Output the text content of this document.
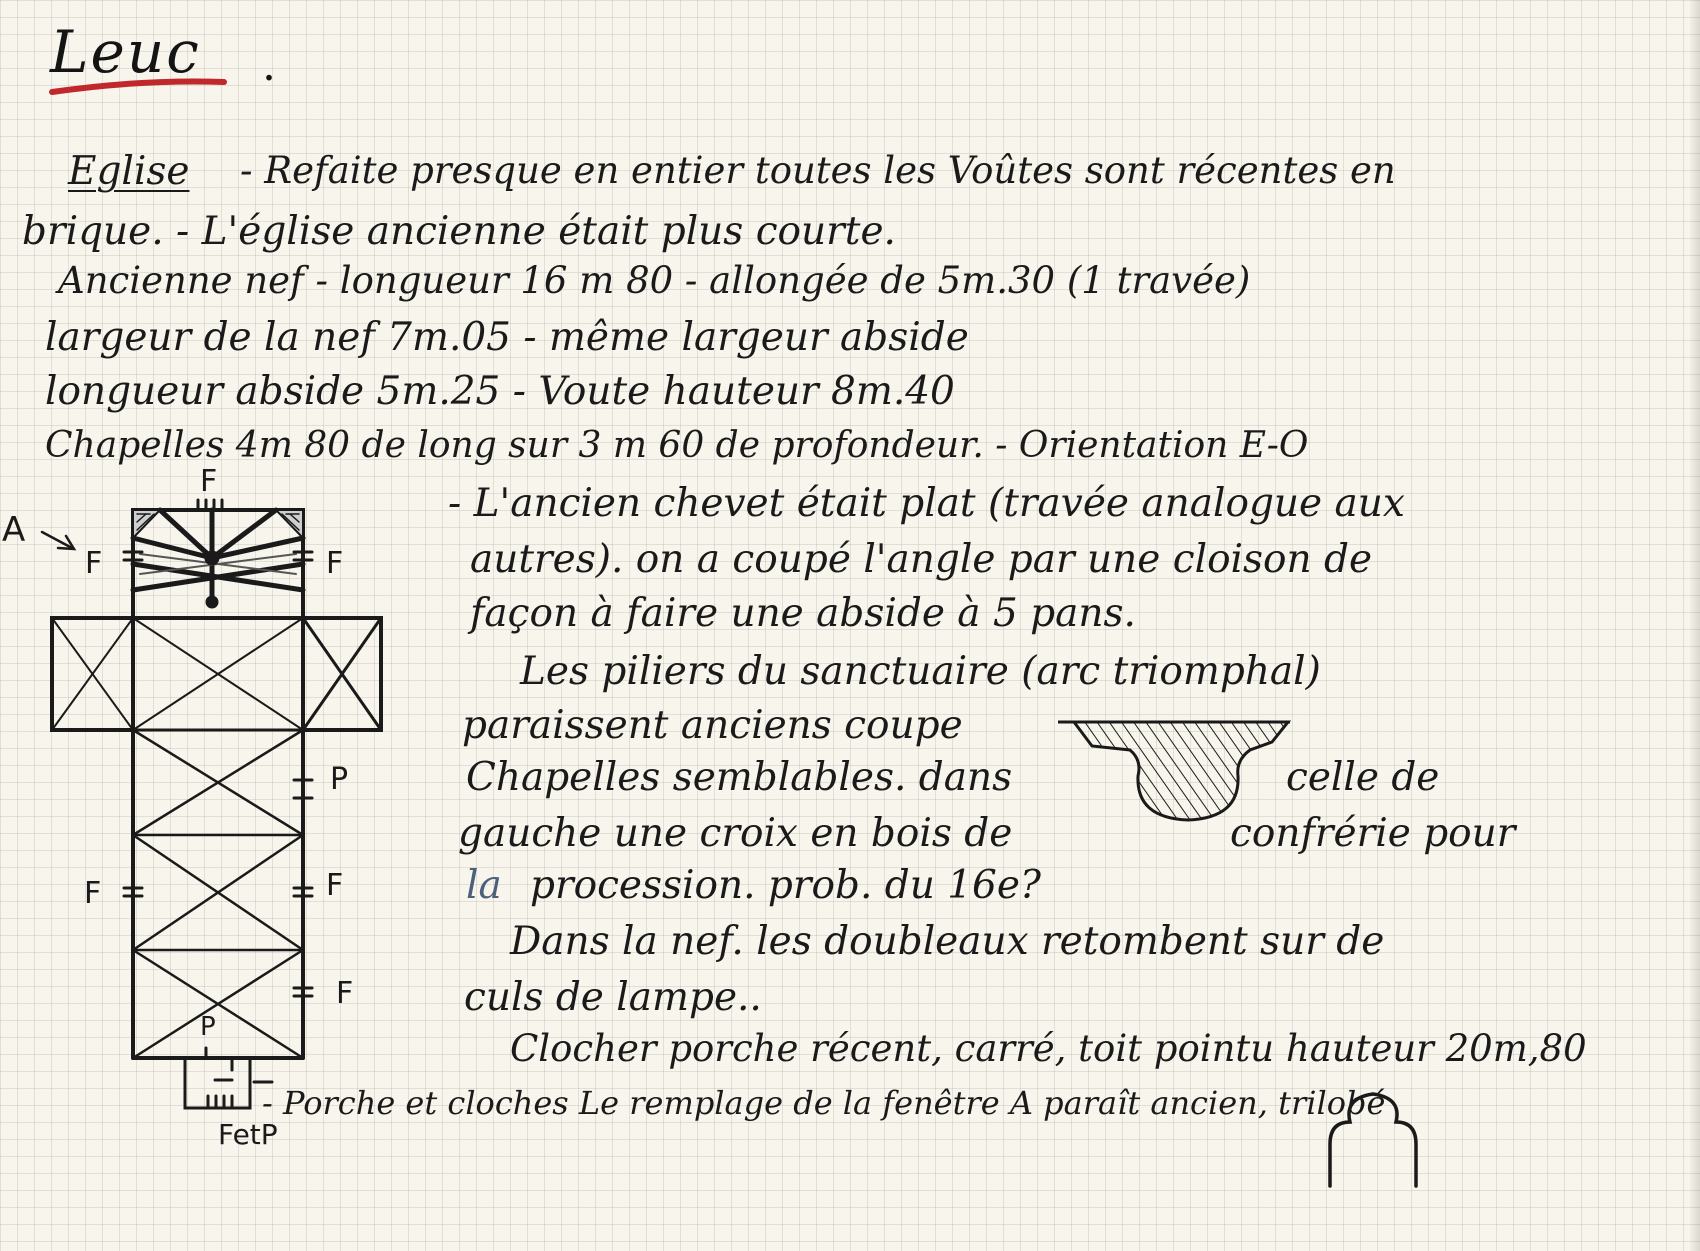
Leuc .
Eglise - Refaite presque en entier toutes les Voûtes sont récentes en
brique. - L'église ancienne était plus courte.
Ancienne nef - longueur 16 m 80 - allongée de 5m.30 (1 travée)
largeur de la nef 7m.05 - même largeur abside
longueur abside 5m.25 - Voute hauteur 8m.40
Chapelles 4m 80 de long sur 3 m 60 de profondeur. - Orientation E-O
- L'ancien chevet était plat (travée analogue aux
autres). on a coupé l'angle par une cloison de
façon à faire une abside à 5 pans.
Les piliers du sanctuaire (arc triomphal)
paraissent anciens coupe
Chapelles semblables. dans	celle de
gauche une croix en bois de	confrérie pour
la procession. prob. du 16e?
Dans la nef. les doubleaux retombent sur de
culs de lampe..
Clocher porche récent, carré, toit pointu hauteur 20m,80
- Porche et cloches Le remplage de la fenêtre A paraît ancien, trilobé
A
F
F	F
P
F	F
F
P
FetP
